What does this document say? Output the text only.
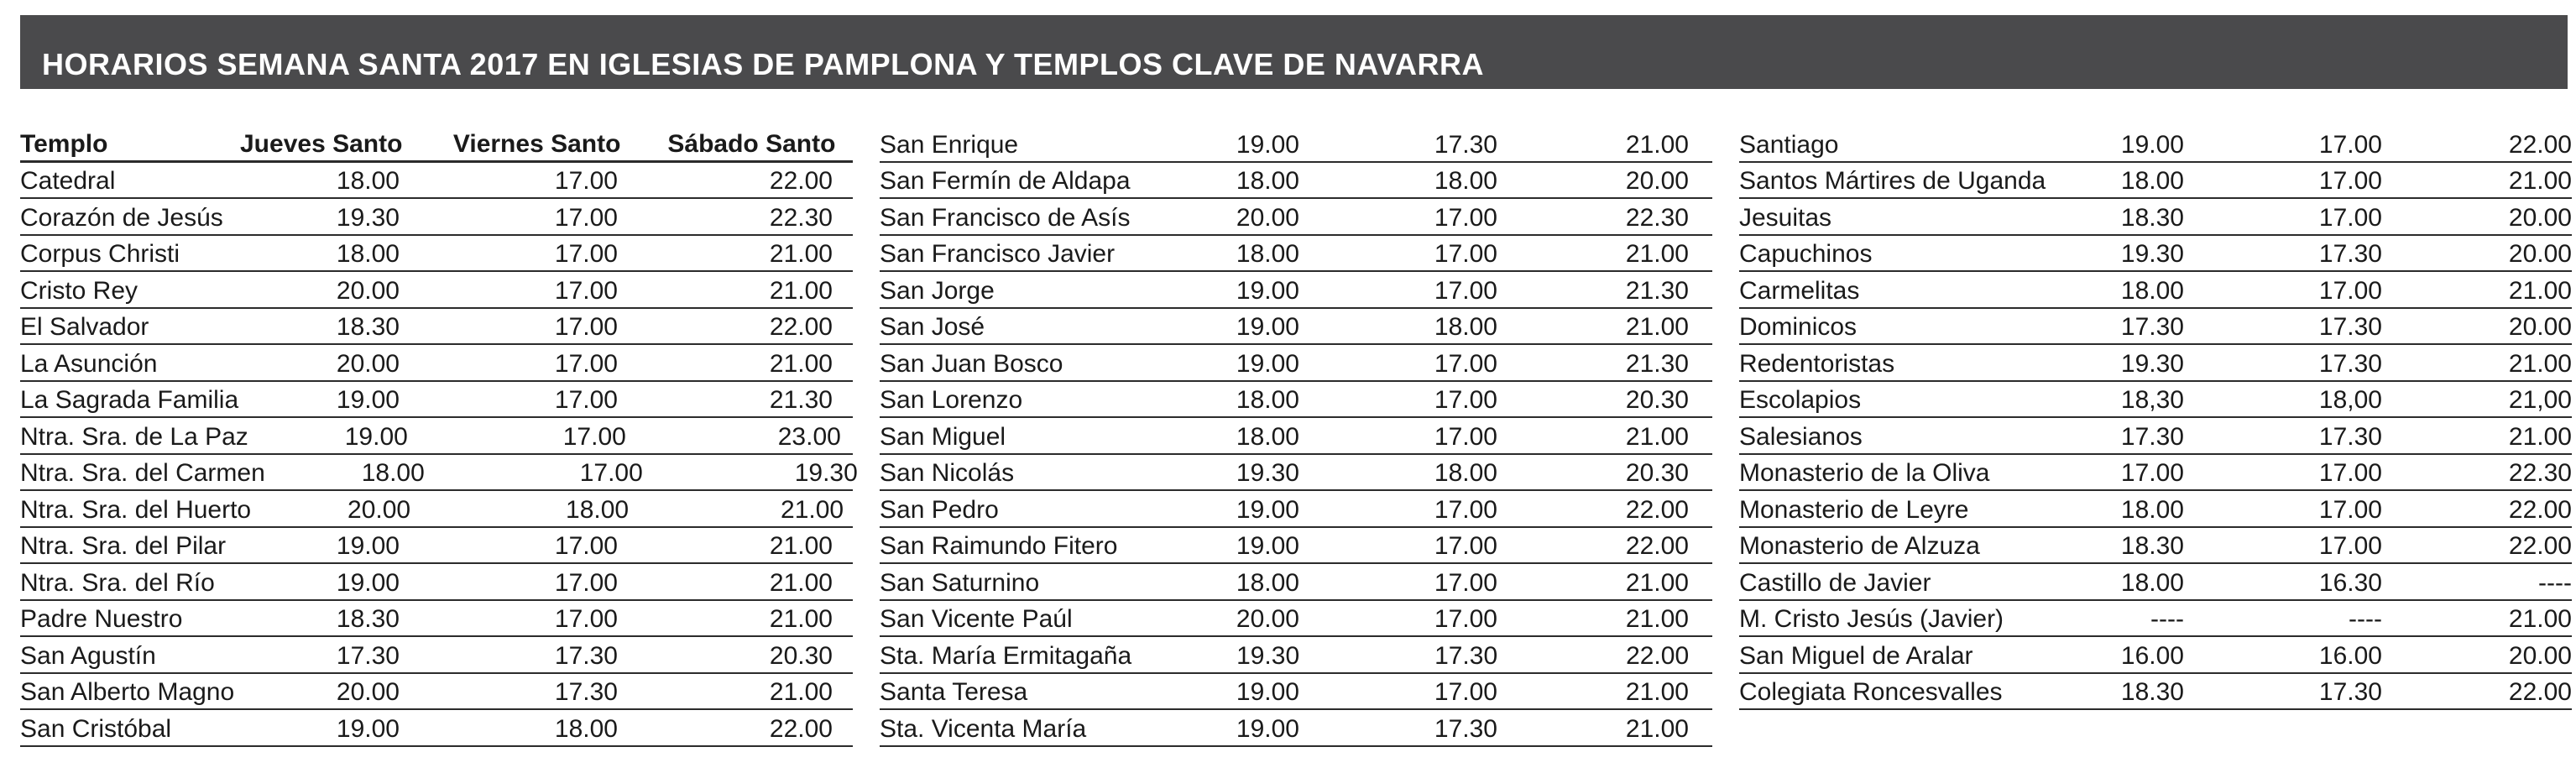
HORARIOS SEMANA SANTA 2017 EN IGLESIAS DE PAMPLONA Y TEMPLOS CLAVE DE NAVARRA
Templo	Jueves Santo	Viernes Santo	Sábado Santo
Catedral	18.00	17.00	22.00
Corazón de Jesús	19.30	17.00	22.30
Corpus Christi	18.00	17.00	21.00
Cristo Rey	20.00	17.00	21.00
El Salvador	18.30	17.00	22.00
La Asunción	20.00	17.00	21.00
La Sagrada Familia	19.00	17.00	21.30
Ntra. Sra. de La Paz	19.00	17.00	23.00
Ntra. Sra. del Carmen	18.00	17.00	19.30
Ntra. Sra. del Huerto	20.00	18.00	21.00
Ntra. Sra. del Pilar	19.00	17.00	21.00
Ntra. Sra. del Río	19.00	17.00	21.00
Padre Nuestro	18.30	17.00	21.00
San Agustín	17.30	17.30	20.30
San Alberto Magno	20.00	17.30	21.00
San Cristóbal	19.00	18.00	22.00
San Enrique	19.00	17.30	21.00
San Fermín de Aldapa	18.00	18.00	20.00
San Francisco de Asís	20.00	17.00	22.30
San Francisco Javier	18.00	17.00	21.00
San Jorge	19.00	17.00	21.30
San José	19.00	18.00	21.00
San Juan Bosco	19.00	17.00	21.30
San Lorenzo	18.00	17.00	20.30
San Miguel	18.00	17.00	21.00
San Nicolás	19.30	18.00	20.30
San Pedro	19.00	17.00	22.00
San Raimundo Fitero	19.00	17.00	22.00
San Saturnino	18.00	17.00	21.00
San Vicente Paúl	20.00	17.00	21.00
Sta. María Ermitagaña	19.30	17.30	22.00
Santa Teresa	19.00	17.00	21.00
Sta. Vicenta María	19.00	17.30	21.00
Santiago	19.00	17.00	22.00
Santos Mártires de Uganda	18.00	17.00	21.00
Jesuitas	18.30	17.00	20.00
Capuchinos	19.30	17.30	20.00
Carmelitas	18.00	17.00	21.00
Dominicos	17.30	17.30	20.00
Redentoristas	19.30	17.30	21.00
Escolapios	18,30	18,00	21,00
Salesianos	17.30	17.30	21.00
Monasterio de la Oliva	17.00	17.00	22.30
Monasterio de Leyre	18.00	17.00	22.00
Monasterio de Alzuza	18.30	17.00	22.00
Castillo de Javier	18.00	16.30	----
M. Cristo Jesús (Javier)	----	----	21.00
San Miguel de Aralar	16.00	16.00	20.00
Colegiata Roncesvalles	18.30	17.30	22.00
